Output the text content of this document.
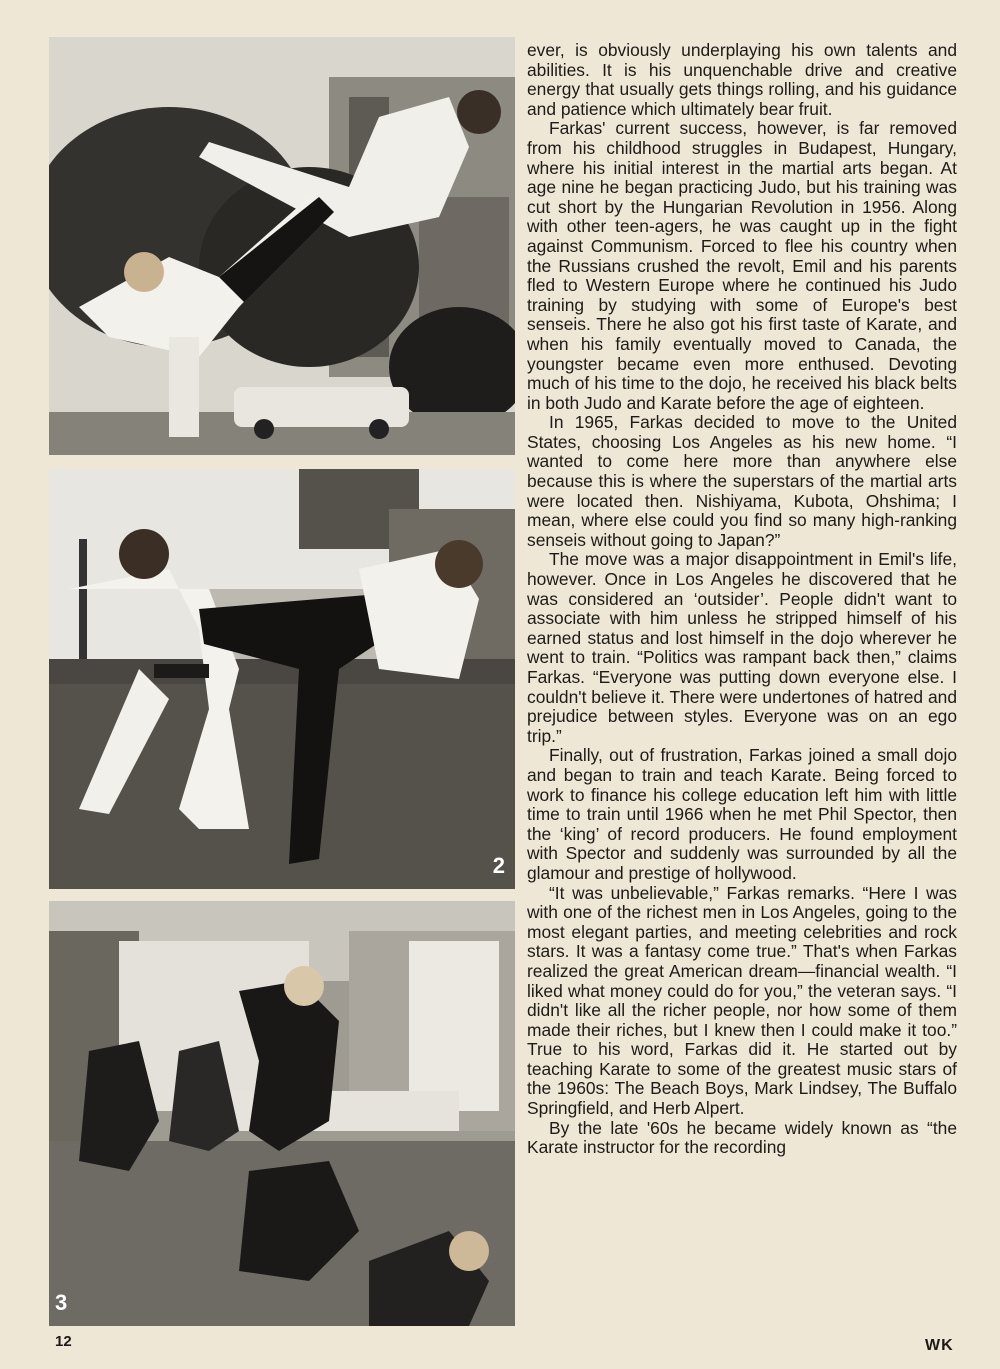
2
3

ever, is obviously underplaying his own talents and abilities. It is his unquenchable drive and creative energy that usually gets things rolling, and his guidance and patience which ultimately bear fruit.

Farkas' current success, however, is far removed from his childhood struggles in Budapest, Hungary, where his initial interest in the martial arts began. At age nine he began practicing Judo, but his training was cut short by the Hungarian Revolution in 1956. Along with other teen-agers, he was caught up in the fight against Communism. Forced to flee his country when the Russians crushed the revolt, Emil and his parents fled to Western Europe where he continued his Judo training by studying with some of Europe's best senseis. There he also got his first taste of Karate, and when his family eventually moved to Canada, the youngster became even more enthused. Devoting much of his time to the dojo, he received his black belts in both Judo and Karate before the age of eighteen.

In 1965, Farkas decided to move to the United States, choosing Los Angeles as his new home. “I wanted to come here more than anywhere else because this is where the superstars of the martial arts were located then. Nishiyama, Kubota, Ohshima; I mean, where else could you find so many high-ranking senseis without going to Japan?”

The move was a major disappointment in Emil's life, however. Once in Los Angeles he discovered that he was considered an ‘outsider’. People didn't want to associate with him unless he stripped himself of his earned status and lost himself in the dojo wherever he went to train. “Politics was rampant back then,” claims Farkas. “Everyone was putting down everyone else. I couldn't believe it. There were undertones of hatred and prejudice between styles. Everyone was on an ego trip.”

Finally, out of frustration, Farkas joined a small dojo and began to train and teach Karate. Being forced to work to finance his college education left him with little time to train until 1966 when he met Phil Spector, then the ‘king’ of record producers. He found employment with Spector and suddenly was surrounded by all the glamour and prestige of hollywood.

“It was unbelievable,” Farkas remarks. “Here I was with one of the richest men in Los Angeles, going to the most elegant parties, and meeting celebrities and rock stars. It was a fantasy come true.” That's when Farkas realized the great American dream—financial wealth. “I liked what money could do for you,” the veteran says. “I didn't like all the richer people, nor how some of them made their riches, but I knew then I could make it too.” True to his word, Farkas did it. He started out by teaching Karate to some of the greatest music stars of the 1960s: The Beach Boys, Mark Lindsey, The Buffalo Springfield, and Herb Alpert.

By the late '60s he became widely known as “the Karate instructor for the recording

12	WK
